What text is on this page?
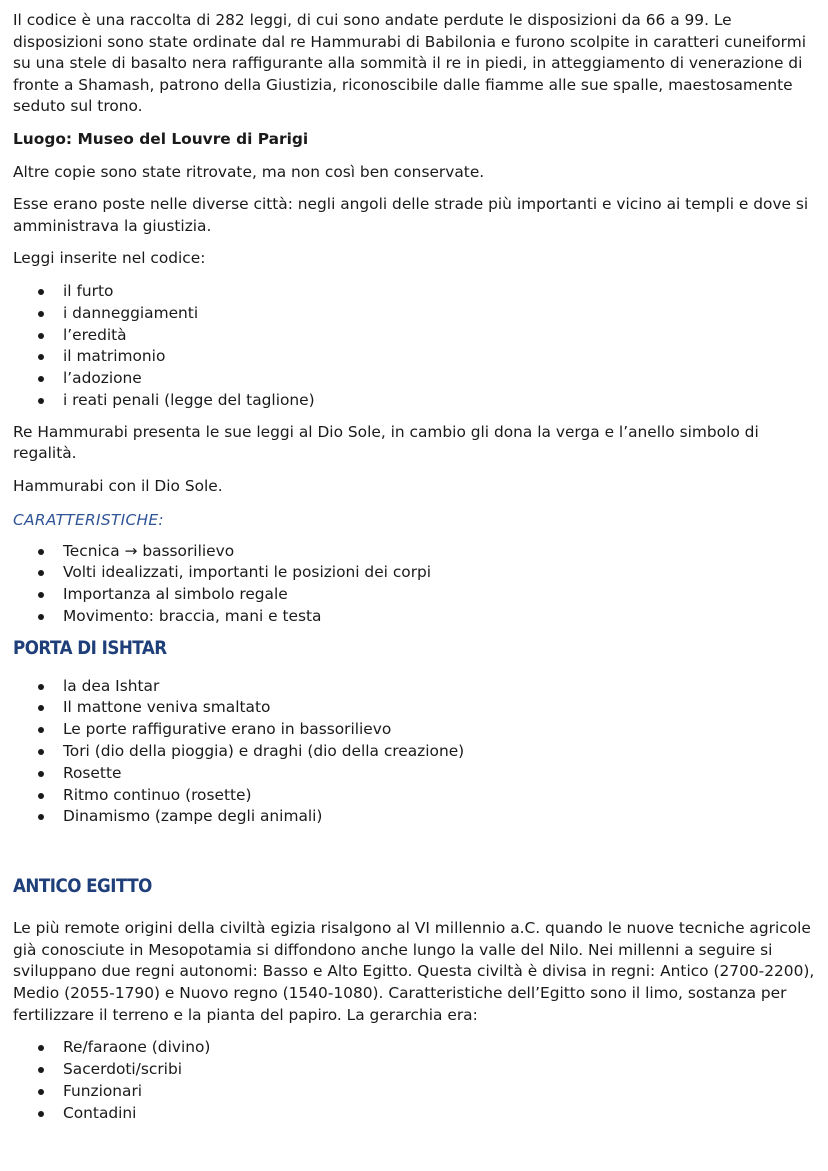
Il codice è una raccolta di 282 leggi, di cui sono andate perdute le disposizioni da 66 a 99. Le disposizioni sono state ordinate dal re Hammurabi di Babilonia e furono scolpite in caratteri cuneiformi su una stele di basalto nera raffigurante alla sommità il re in piedi, in atteggiamento di venerazione di fronte a Shamash, patrono della Giustizia, riconoscibile dalle fiamme alle sue spalle, maestosamente seduto sul trono.

Luogo: Museo del Louvre di Parigi

Altre copie sono state ritrovate, ma non così ben conservate.

Esse erano poste nelle diverse città: negli angoli delle strade più importanti e vicino ai templi e dove si amministrava la giustizia.

Leggi inserite nel codice:

il furto
i danneggiamenti
l’eredità
il matrimonio
l’adozione
i reati penali (legge del taglione)

Re Hammurabi presenta le sue leggi al Dio Sole, in cambio gli dona la verga e l’anello simbolo di regalità.

Hammurabi con il Dio Sole.

CARATTERISTICHE:
Tecnica → bassorilievo
Volti idealizzati, importanti le posizioni dei corpi
Importanza al simbolo regale
Movimento: braccia, mani e testa
PORTA DI ISHTAR
la dea Ishtar
Il mattone veniva smaltato
Le porte raffigurative erano in bassorilievo
Tori (dio della pioggia) e draghi (dio della creazione)
Rosette
Ritmo continuo (rosette)
Dinamismo (zampe degli animali)
ANTICO EGITTO

Le più remote origini della civiltà egizia risalgono al VI millennio a.C. quando le nuove tecniche agricole già conosciute in Mesopotamia si diffondono anche lungo la valle del Nilo. Nei millenni a seguire si sviluppano due regni autonomi: Basso e Alto Egitto. Questa civiltà è divisa in regni: Antico (2700-2200), Medio (2055-1790) e Nuovo regno (1540-1080). Caratteristiche dell’Egitto sono il limo, sostanza per fertilizzare il terreno e la pianta del papiro. La gerarchia era:

Re/faraone (divino)
Sacerdoti/scribi
Funzionari
Contadini
